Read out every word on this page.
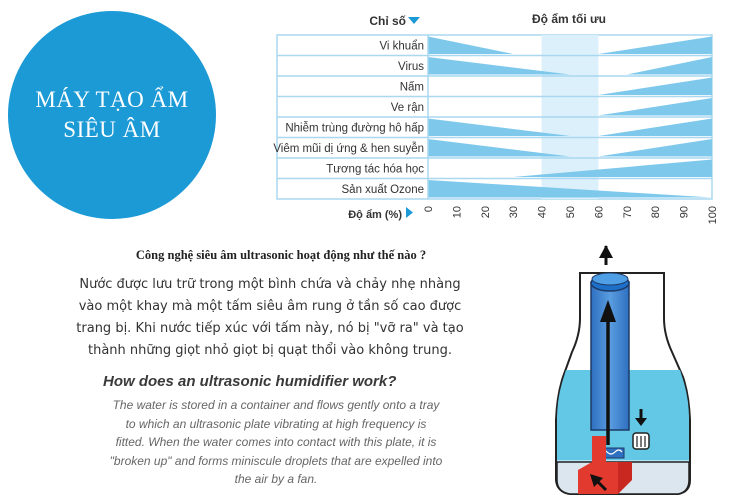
MÁY TẠO ẨM
SIÊU ÂM
Vi khuẩn
Virus
Nấm
Ve rận
Nhiễm trùng đường hô hấp
Viêm mũi dị ứng & hen suyễn
Tương tác hóa học
Sản xuất Ozone
0 10 20 30 40 50 60 70 80 90 100
Chỉ số	Độ ẩm tối ưu
Độ ẩm (%)
Công nghệ siêu âm ultrasonic hoạt động như thế nào ?

Nước được lưu trữ trong một bình chứa và chảy nhẹ nhàng
vào một khay mà một tấm siêu âm rung ở tần số cao được
trang bị. Khi nước tiếp xúc với tấm này, nó bị "vỡ ra" và tạo
thành những giọt nhỏ giọt bị quạt thổi vào không trung.

How does an ultrasonic humidifier work?

The water is stored in a container and flows gently onto a tray
to which an ultrasonic plate vibrating at high frequency is
fitted. When the water comes into contact with this plate, it is
"broken up" and forms miniscule droplets that are expelled into
the air by a fan.
